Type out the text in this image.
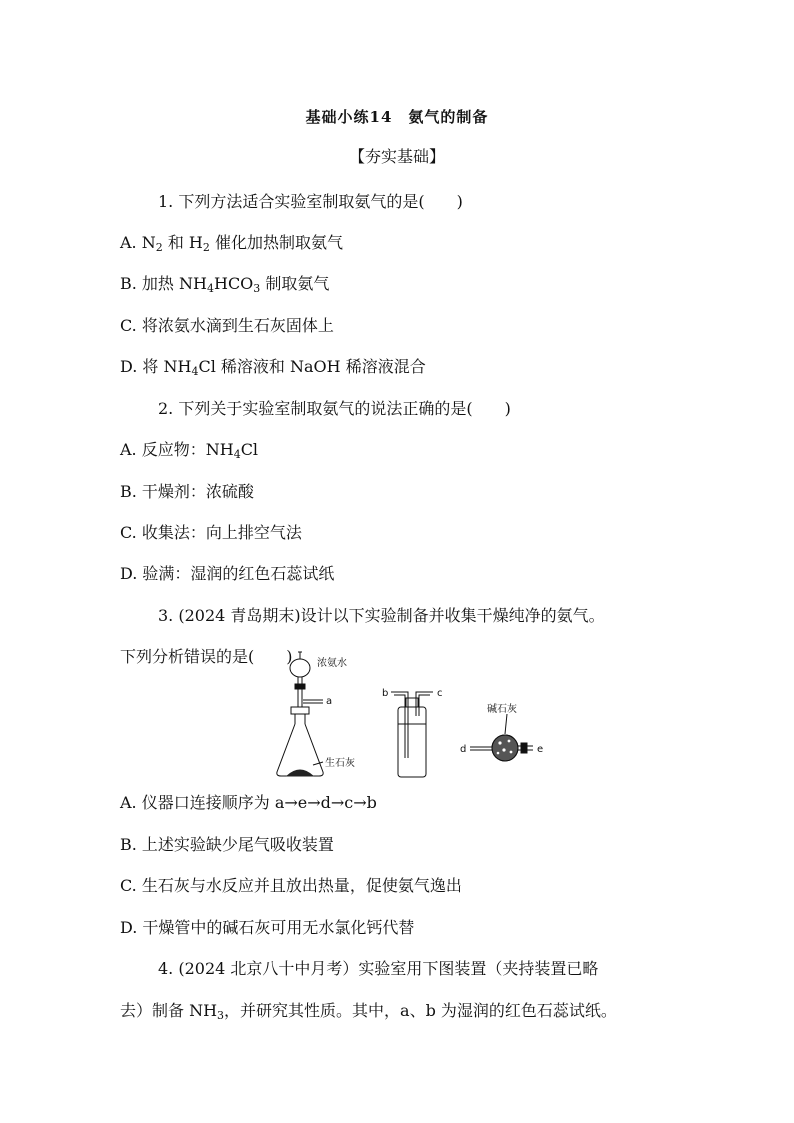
基础小练14　氨气的制备
【夯实基础】
1. 下列方法适合实验室制取氨气的是(　　)
A. $N_2$ 和 $H_2$ 催化加热制取氨气
B. 加热 $NH_4HCO_3$ 制取氨气
C. 将浓氨水滴到生石灰固体上
D. 将 $NH_4Cl$ 稀溶液和 NaOH 稀溶液混合
2. 下列关于实验室制取氨气的说法正确的是(　　)
A. 反应物：$NH_4Cl$
B. 干燥剂：浓硫酸
C. 收集法：向上排空气法
D. 验满：湿润的红色石蕊试纸
3. (2024 青岛期末)设计以下实验制备并收集干燥纯净的氨气。
下列分析错误的是(　　) 浓氨水
a
生石灰
b	c
碱石灰
d	e
A. 仪器口连接顺序为 a→e→d→c→b
B. 上述实验缺少尾气吸收装置
C. 生石灰与水反应并且放出热量，促使氨气逸出
D. 干燥管中的碱石灰可用无水氯化钙代替
4. (2024 北京八十中月考）实验室用下图装置（夹持装置已略
去）制备 $NH_3$，并研究其性质。其中，a、b 为湿润的红色石蕊试纸。
